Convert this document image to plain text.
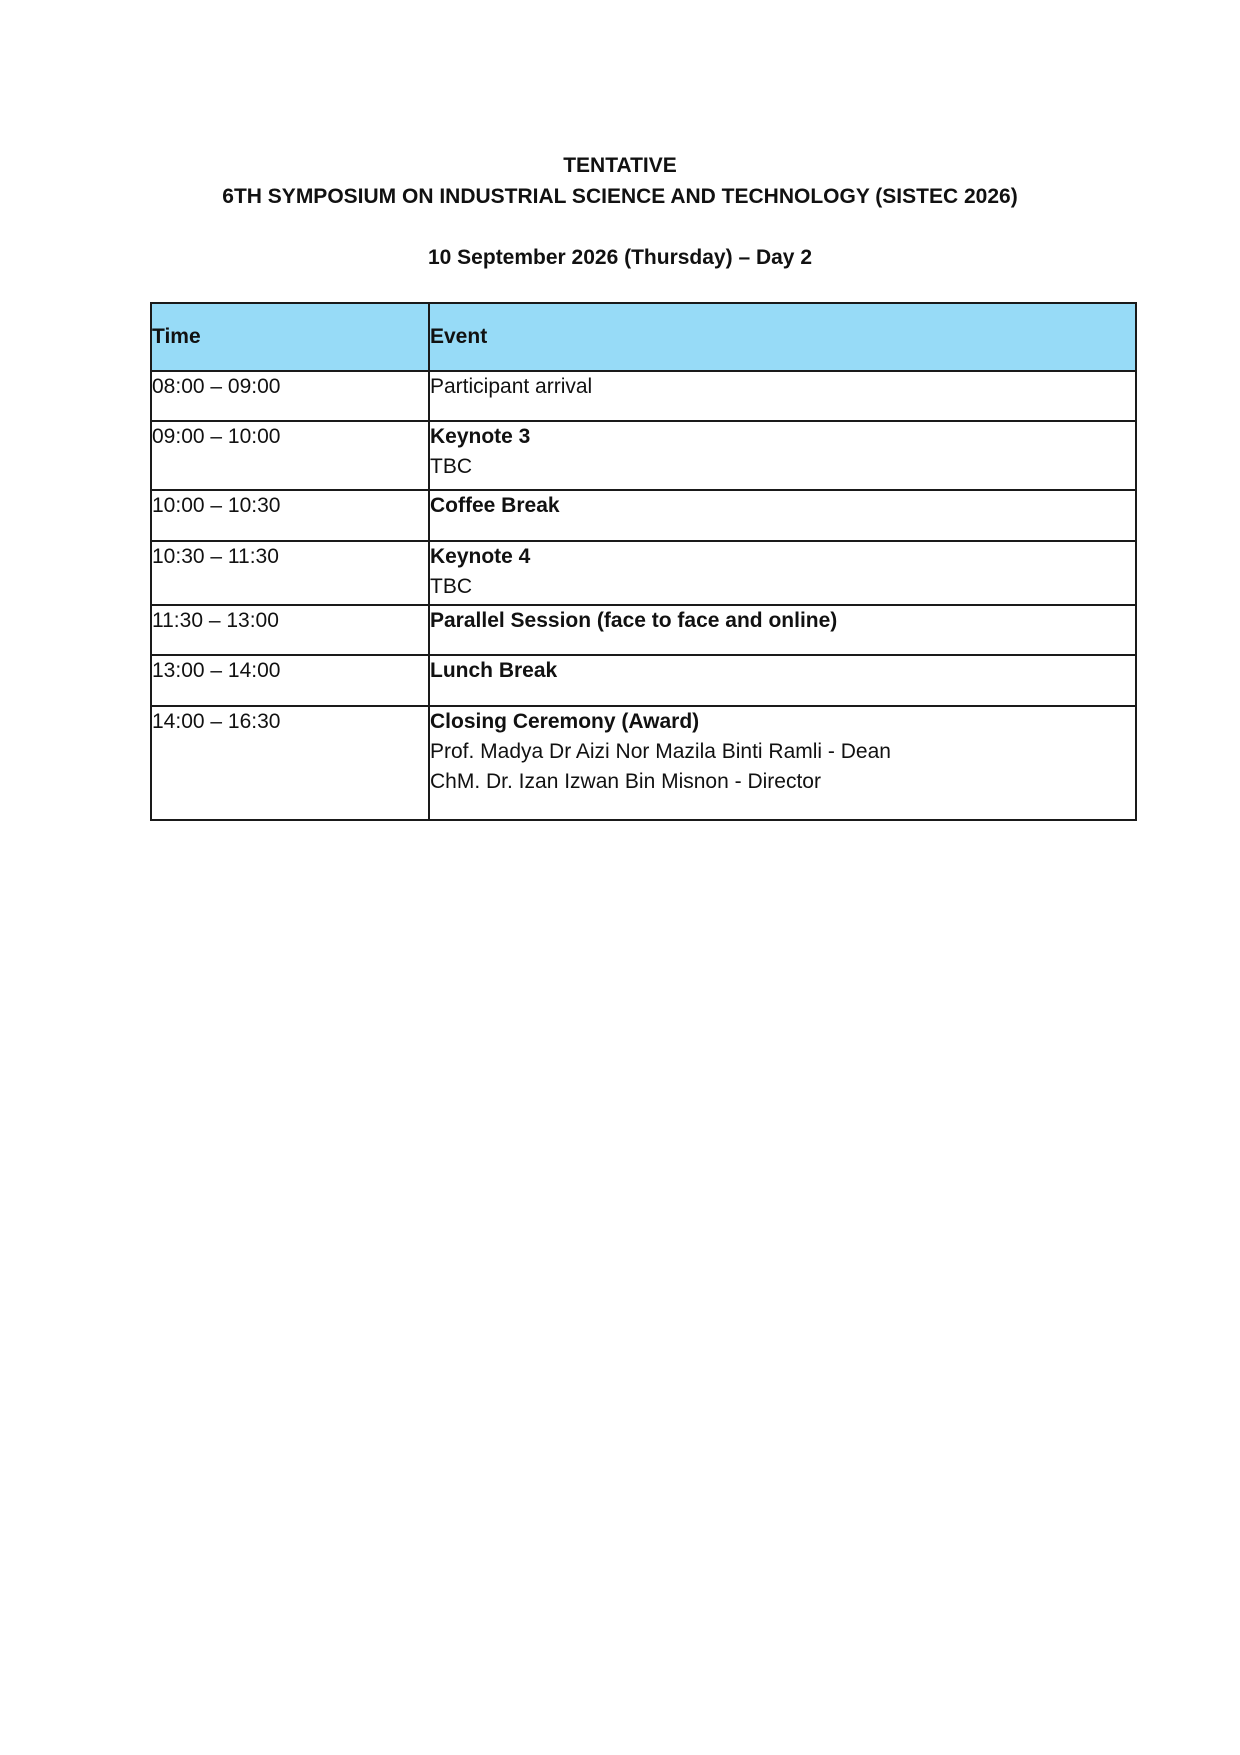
TENTATIVE
6TH SYMPOSIUM ON INDUSTRIAL SCIENCE AND TECHNOLOGY (SISTEC 2026)
10 September 2026 (Thursday) – Day 2
Time	Event
08:00 – 09:00	Participant arrival

09:00 – 10:00	Keynote 3
TBC

10:00 – 10:30	Coffee Break

10:30 – 11:30	Keynote 4
TBC

11:30 – 13:00	Parallel Session (face to face and online)

13:00 – 14:00	Lunch Break

14:00 – 16:30	Closing Ceremony (Award)
Prof. Madya Dr Aizi Nor Mazila Binti Ramli - Dean
ChM. Dr. Izan Izwan Bin Misnon - Director
